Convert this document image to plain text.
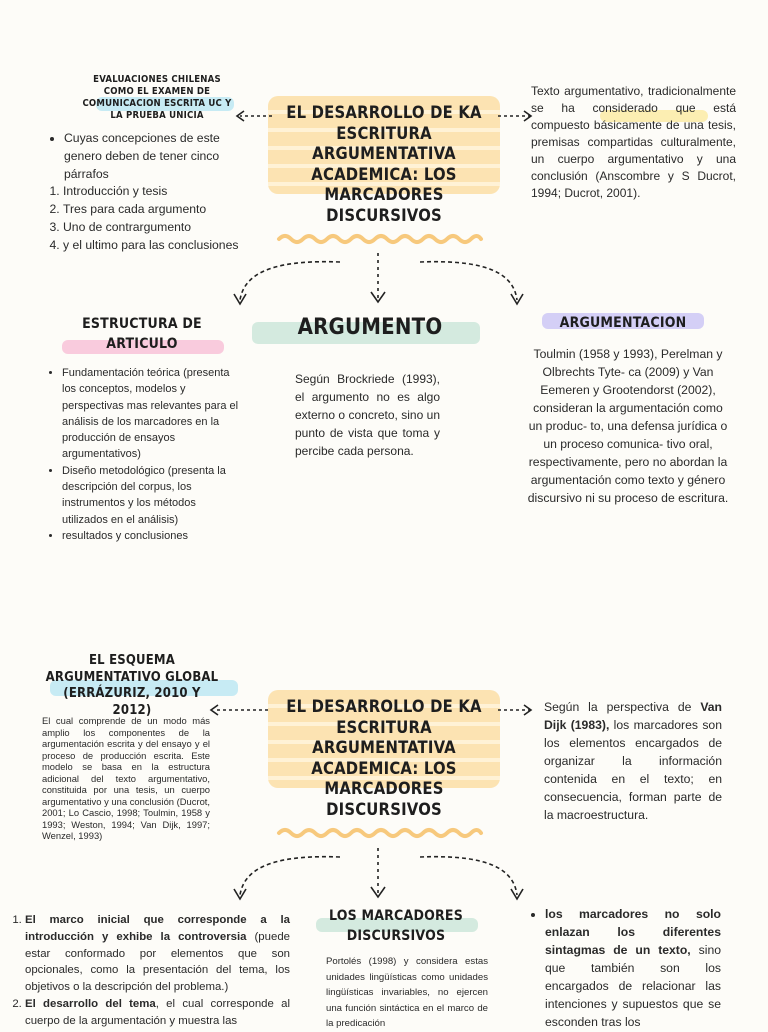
EVALUACIONES CHILENAS COMO EL EXAMEN DE COMUNICACION ESCRITA UC Y LA PRUEBA UNICIA
• Cuyas concepciones de este genero deben de tener cinco párrafos
1. Introducción y tesis
2. Tres para cada argumento
3. Uno de contrargumento
4. y el ultimo para las conclusiones
EL DESARROLLO DE KA ESCRITURA ARGUMENTATIVA ACADEMICA: LOS MARCADORES DISCURSIVOS
Texto argumentativo, tradicionalmente se ha considerado que está compuesto básicamente de una tesis, premisas compartidas culturalmente, un cuerpo argumentativo y una conclusión (Anscombre y S Ducrot, 1994; Ducrot, 2001).
ESTRUCTURA DE ARTICULO
ARGUMENTO	ARGUMENTACION
• Fundamentación teórica (presenta los conceptos, modelos y perspectivas mas relevantes para el análisis de los marcadores en la producción de ensayos argumentativos)
• Diseño metodológico (presenta la descripción del corpus, los instrumentos y los métodos utilizados en el análisis)
• resultados y conclusiones
Según Brockriede (1993), el argumento no es algo externo o concreto, sino un punto de vista que toma y percibe cada persona.
Toulmin (1958 y 1993), Perelman y Olbrechts Tyte- ca (2009) y Van Eemeren y Grootendorst (2002), consideran la argumentación como un produc- to, una defensa jurídica o un proceso comunica- tivo oral, respectivamente, pero no abordan la argumentación como texto y género discursivo ni su proceso de escritura.
EL ESQUEMA ARGUMENTATIVO GLOBAL (ERRÁZURIZ, 2010 Y 2012)
El cual comprende de un modo más amplio los componentes de la argumentación escrita y del ensayo y el proceso de producción escrita. Este modelo se basa en la estructura adicional del texto argumentativo, constituida por una tesis, un cuerpo argumentativo y una conclusión (Ducrot, 2001; Lo Cascio, 1998; Toulmin, 1958 y 1993; Weston, 1994; Van Dijk, 1997; Wenzel, 1993)
EL DESARROLLO DE KA ESCRITURA ARGUMENTATIVA ACADEMICA: LOS MARCADORES DISCURSIVOS
Según la perspectiva de Van Dijk (1983), los marcadores son los elementos encargados de organizar la información contenida en el texto; en consecuencia, forman parte de la macroestructura.
LOS MARCADORES DISCURSIVOS
1. El marco inicial que corresponde a la introducción y exhibe la controversia (puede estar conformado por elementos que son opcionales, como la presentación del tema, los objetivos o la descripción del problema.)
2. El desarrollo del tema, el cual corresponde al cuerpo de la argumentación y muestra las
Portolés (1998) y considera estas unidades lingüísticas como unidades lingüísticas invariables, no ejercen una función sintáctica en el marco de la predicación
• los marcadores no solo enlazan los diferentes sintagmas de un texto, sino que también son los encargados de relacionar las intenciones y supuestos que se esconden tras los
